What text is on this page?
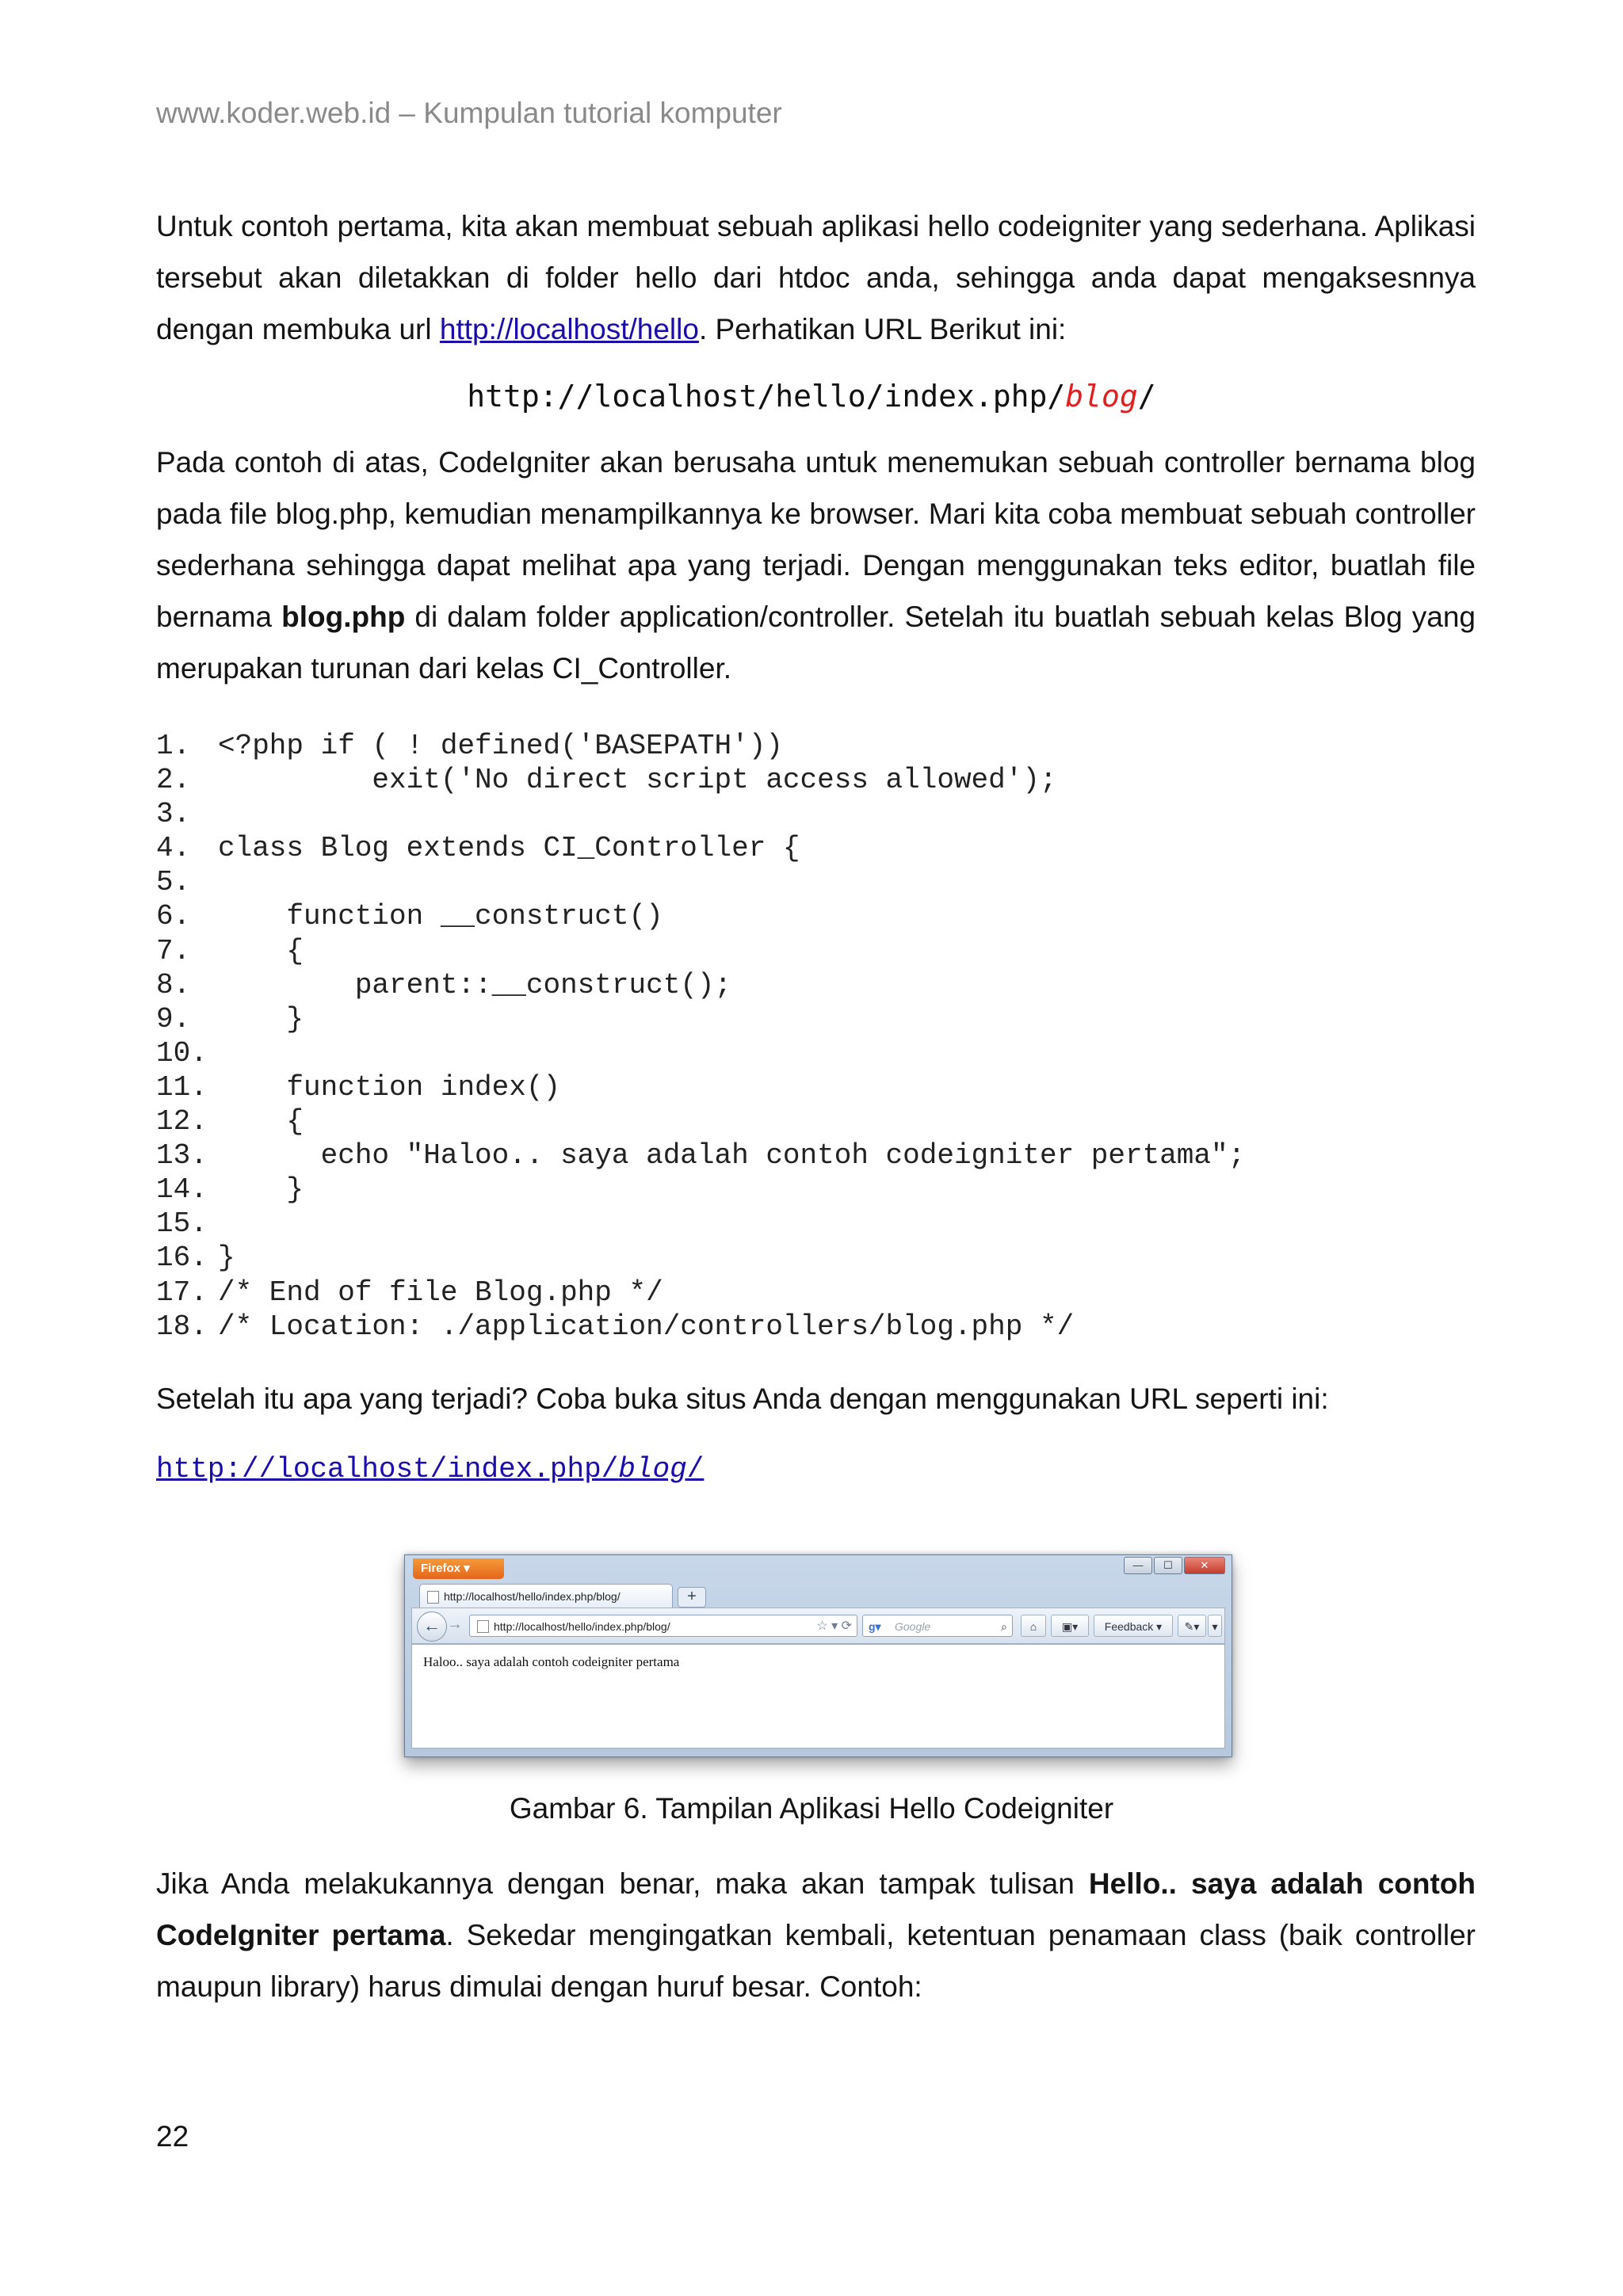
www.koder.web.id – Kumpulan tutorial komputer
Untuk contoh pertama, kita akan membuat sebuah aplikasi hello codeigniter yang sederhana. Aplikasi tersebut akan diletakkan di folder hello dari htdoc anda, sehingga anda dapat mengaksesnnya dengan membuka url http://localhost/hello. Perhatikan URL Berikut ini:
http://localhost/hello/index.php/blog/
Pada contoh di atas, CodeIgniter akan berusaha untuk menemukan sebuah controller bernama blog pada file blog.php, kemudian menampilkannya ke browser. Mari kita coba membuat sebuah controller sederhana sehingga dapat melihat apa yang terjadi. Dengan menggunakan teks editor, buatlah file bernama blog.php di dalam folder application/controller. Setelah itu buatlah sebuah kelas Blog yang merupakan turunan dari kelas CI_Controller.
1. <?php if ( ! defined('BASEPATH'))
2. exit('No direct script access allowed');
3.
4. class Blog extends CI_Controller {
5.
6. function __construct()
7. {
8. parent::__construct();
9. }
10.
11. function index()
12. {
13. echo "Haloo.. saya adalah contoh codeigniter pertama";
14. }
15.
16. }
17. /* End of file Blog.php */
18. /* Location: ./application/controllers/blog.php */
Setelah itu apa yang terjadi? Coba buka situs Anda dengan menggunakan URL seperti ini:
http://localhost/index.php/blog/
Firefox ▾	—	☐	✕
http://localhost/hello/index.php/blog/	+
← →	http://localhost/hello/index.php/blog/	☆ ▾ ⟳ g▾ Google	⌕	⌂	▣▾	Feedback ▾	✎▾	▾
Haloo.. saya adalah contoh codeigniter pertama
Gambar 6. Tampilan Aplikasi Hello Codeigniter
Jika Anda melakukannya dengan benar, maka akan tampak tulisan Hello.. saya adalah contoh CodeIgniter pertama. Sekedar mengingatkan kembali, ketentuan penamaan class (baik controller maupun library) harus dimulai dengan huruf besar. Contoh:
22
